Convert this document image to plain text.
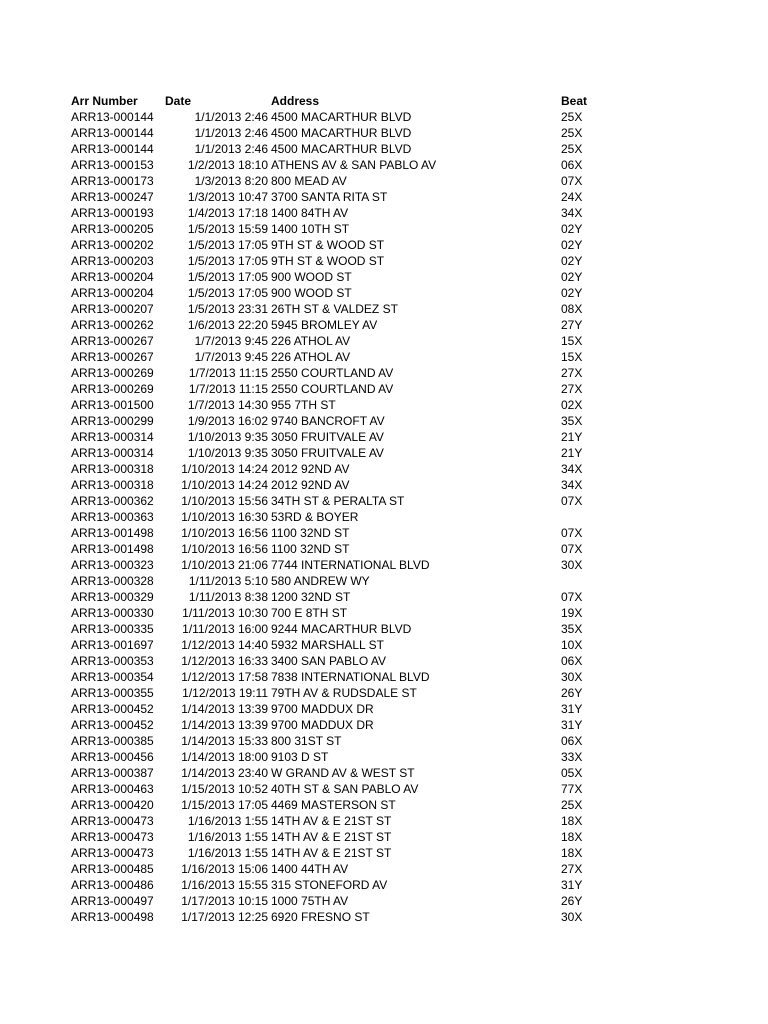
Arr Number	Date	Address	Beat
ARR13-000144	1/1/2013 2:46 4500 MACARTHUR BLVD	25X
ARR13-000144	1/1/2013 2:46 4500 MACARTHUR BLVD	25X
ARR13-000144	1/1/2013 2:46 4500 MACARTHUR BLVD	25X
ARR13-000153	1/2/2013 18:10 ATHENS AV & SAN PABLO AV	06X
ARR13-000173	1/3/2013 8:20 800 MEAD AV	07X
ARR13-000247	1/3/2013 10:47 3700 SANTA RITA ST	24X
ARR13-000193	1/4/2013 17:18 1400 84TH AV	34X
ARR13-000205	1/5/2013 15:59 1400 10TH ST	02Y
ARR13-000202	1/5/2013 17:05 9TH ST & WOOD ST	02Y
ARR13-000203	1/5/2013 17:05 9TH ST & WOOD ST	02Y
ARR13-000204	1/5/2013 17:05 900 WOOD ST	02Y
ARR13-000204	1/5/2013 17:05 900 WOOD ST	02Y
ARR13-000207	1/5/2013 23:31 26TH ST & VALDEZ ST	08X
ARR13-000262	1/6/2013 22:20 5945 BROMLEY AV	27Y
ARR13-000267	1/7/2013 9:45 226 ATHOL AV	15X
ARR13-000267	1/7/2013 9:45 226 ATHOL AV	15X
ARR13-000269	1/7/2013 11:15 2550 COURTLAND AV	27X
ARR13-000269	1/7/2013 11:15 2550 COURTLAND AV	27X
ARR13-001500	1/7/2013 14:30 955 7TH ST	02X
ARR13-000299	1/9/2013 16:02 9740 BANCROFT AV	35X
ARR13-000314	1/10/2013 9:35 3050 FRUITVALE AV	21Y
ARR13-000314	1/10/2013 9:35 3050 FRUITVALE AV	21Y
ARR13-000318	1/10/2013 14:24 2012 92ND AV	34X
ARR13-000318	1/10/2013 14:24 2012 92ND AV	34X
ARR13-000362	1/10/2013 15:56 34TH ST & PERALTA ST	07X
ARR13-000363	1/10/2013 16:30 53RD & BOYER
ARR13-001498	1/10/2013 16:56 1100 32ND ST	07X
ARR13-001498	1/10/2013 16:56 1100 32ND ST	07X
ARR13-000323	1/10/2013 21:06 7744 INTERNATIONAL BLVD	30X
ARR13-000328	1/11/2013 5:10 580 ANDREW WY
ARR13-000329	1/11/2013 8:38 1200 32ND ST	07X
ARR13-000330	1/11/2013 10:30 700 E 8TH ST	19X
ARR13-000335	1/11/2013 16:00 9244 MACARTHUR BLVD	35X
ARR13-001697	1/12/2013 14:40 5932 MARSHALL ST	10X
ARR13-000353	1/12/2013 16:33 3400 SAN PABLO AV	06X
ARR13-000354	1/12/2013 17:58 7838 INTERNATIONAL BLVD	30X
ARR13-000355	1/12/2013 19:11 79TH AV & RUDSDALE ST	26Y
ARR13-000452	1/14/2013 13:39 9700 MADDUX DR	31Y
ARR13-000452	1/14/2013 13:39 9700 MADDUX DR	31Y
ARR13-000385	1/14/2013 15:33 800 31ST ST	06X
ARR13-000456	1/14/2013 18:00 9103 D ST	33X
ARR13-000387	1/14/2013 23:40 W GRAND AV & WEST ST	05X
ARR13-000463	1/15/2013 10:52 40TH ST & SAN PABLO AV	77X
ARR13-000420	1/15/2013 17:05 4469 MASTERSON ST	25X
ARR13-000473	1/16/2013 1:55 14TH AV & E 21ST ST	18X
ARR13-000473	1/16/2013 1:55 14TH AV & E 21ST ST	18X
ARR13-000473	1/16/2013 1:55 14TH AV & E 21ST ST	18X
ARR13-000485	1/16/2013 15:06 1400 44TH AV	27X
ARR13-000486	1/16/2013 15:55 315 STONEFORD AV	31Y
ARR13-000497	1/17/2013 10:15 1000 75TH AV	26Y
ARR13-000498	1/17/2013 12:25 6920 FRESNO ST	30X
